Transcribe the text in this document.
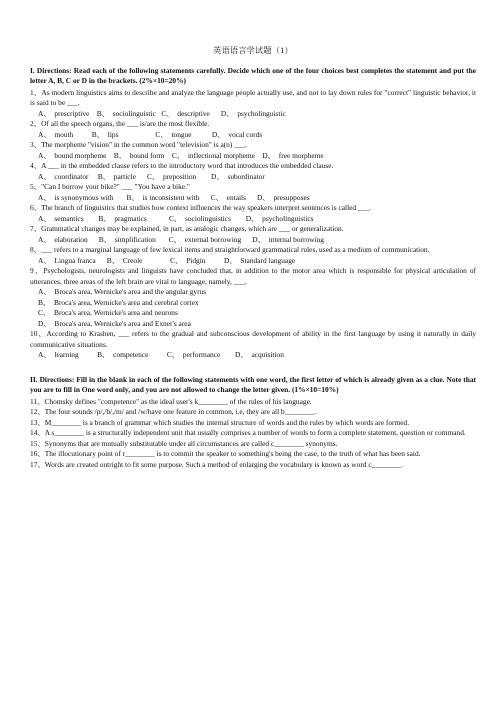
英语语言学试题（1）
I. Directions: Read each of the following statements carefully. Decide which one of the four choices best completes the statement and put the letter A, B, C or D in the brackets. (2%×10=20%)

1、As modern linguistics aims to describe and analyze the language people actually use, and not to lay down rules for "correct" linguistic behavior, it is said to be ___.

A、  prescriptive    B、  sociolinguistic   C、  descriptive      D、  psycholinguistic

2、Of all the speech organs, the ___ is/are the most flexible.

A、  mouth          B、  lips                    C、  tongue           D、  vocal cords

3、The morpheme "vision" in the common word "television" is a(n) ___.

A、  bound morpheme    B、  bound form    C、  inflectional morpheme    D、  free morpheme

4、A ___ in the embedded clause refers to the introductory word that introduces the embedded clause.

A、  coordinator     B、  particle      C、  preposition        D、  subordinator

5、"Can I borrow your bike?" ___ "You have a bike."

A、  is synonymous with       B、  is inconsistent with      C、  entails      D、  presupposes

6、The branch of linguistics that studies how context influences the way speakers interpret sentences is called ___.

A、  semantics        B、  pragmatics            C、  sociolinguistics        D、  psycholinguistics

7、Grammatical changes may be explained, in part, as analogic changes, which are ___ or generalization.

A、  elaboration      B、  simplification       C、  external borrowing      D、  internal borrowing

8、___ refers to a marginal language of few lexical items and straightforward grammatical rules, used as a medium of communication.

A、  Lingua franca      B、  Creole               C、  Pidgin          D、  Standard language

9、Psychologists, neurologists and linguists have concluded that, in addition to the motor area which is responsible for physical articulation of utterances, three areas of the left brain are vital to language, namely, ___.

A、  Broca's area, Wernicke's area and the angular gyrus
B、  Broca's area, Wernicke's area and cerebral cortex
C、  Broca's area, Wernicke's area and neurons
D、  Broca's area, Wernicke's area and Exner's area

10、According to Krashen, ___ refers to the gradual and subconscious development of ability in the first language by using it naturally in daily communicative situations.

A、  learning          B、  competence          C、  performance        D、  acquisition
II. Directions: Fill in the blank in each of the following statements with one word, the first letter of which is already given as a clue. Note that you are to fill in One word only, and you are not allowed to change the letter given. (1%×10=10%)

11、Chomsky defines "competence" as the ideal user's k________ of the rules of his language.

12、The four sounds /p/,/b/,/m/ and /w/have one feature in common, i.e, they are all b________.

13、M________ is a branch of grammar which studies the internal structure of words and the rules by which words are formed.

14、A s________ is a structurally independent unit that usually comprises a number of words to form a complete statement, question or command.

15、Synonyms that are mutually substitutable under all circumstances are called c________ synonyms.

16、The illocutionary point of r________ is to commit the speaker to something's being the case, to the truth of what has been said.

17、Words are created outright to fit some purpose. Such a method of enlarging the vocabulary is known as word c________.
